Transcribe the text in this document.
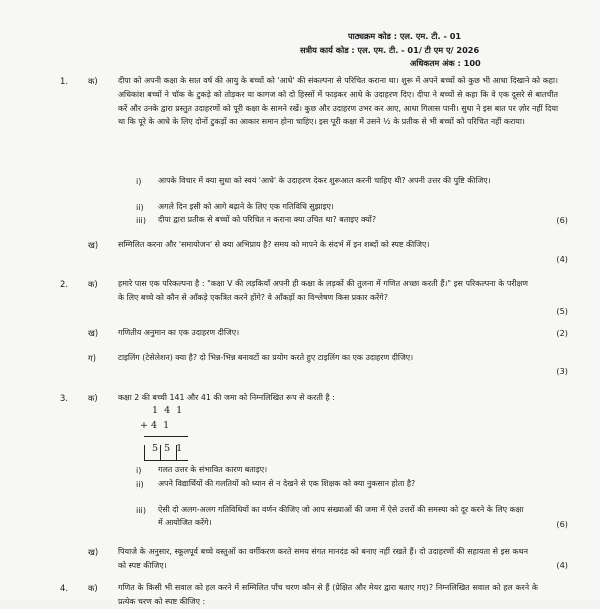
पाठ्यक्रम कोड : एल. एम. टी. - 01
सत्रीय कार्य कोड : एल. एम. टी. - 01/ टी एम ए/ 2026
अधिकतम अंक : 100
1. क)	दीपा को अपनी कक्षा के सात वर्ष की आयु के बच्चों को 'आधे' की संकल्पना से परिचित कराना था। शुरू में अपने बच्चों को कुछ भी आधा दिखाने को कहा। अधिकांश बच्चों ने चॉक के टुकड़े को तोड़कर या कागज को दो हिस्सों में फाड़कर आधे के उदाहरण दिए। दीपा ने बच्चों से कहा कि वे एक दूसरे से बातचीत करें और उनके द्वारा प्रस्तुत उदाहरणों को पूरी कक्षा के सामने रखें। कुछ और उदाहरण उभर कर आए, आधा गिलास पानी। सुधा ने इस बात पर ज़ोर नहीं दिया था कि पूरे के आधे के लिए दोनों टुकड़ों का आकार समान होना चाहिए। इस पूरी कक्षा में उसने ½ के प्रतीक से भी बच्चों को परिचित नहीं कराया।
i) आपके विचार में क्या सुधा को स्वयं 'आधे' के उदाहरण देकर शुरूआत करनी चाहिए थी? अपनी उत्तर की पुष्टि कीजिए।
ii) अगले दिन इसी को आगे बढ़ाने के लिए एक गतिविधि सुझाइए।
iii) दीपा द्वारा प्रतीक से बच्चों को परिचित न कराना क्या उचित था? बताइए क्यों?	(6)
ख)	सम्मिलित करना और 'समायोजन' से क्या अभिप्राय है? समय को मापने के संदर्भ में इन शब्दों को स्पष्ट कीजिए।
(4)
2. क)	हमारे पास एक परिकल्पना है : "कक्षा V की लड़कियाँ अपनी ही कक्षा के लड़कों की तुलना में गणित अच्छा करती हैं।" इस परिकल्पना के परीक्षण के लिए बच्चे को कौन से आँकड़े एकत्रित करने होंगे? वे आँकड़ों का विश्लेषण किस प्रकार करेंगे?
(5)
ख)	गणितीय अनुमान का एक उदाहरण दीजिए।	(2)
ग)	टाइलिंग (टेसेलेशन) क्या है? दो भिन्न-भिन्न बनावटों का प्रयोग करते हुए टाइलिंग का एक उदाहरण दीजिए।
(3)
3. क)	कक्षा 2 की बच्ची 141 और 41 की जमा को निम्नलिखित रूप से करती है :
1  4  1
+ 4  1
5  5  1
i) गलत उत्तर के संभावित कारण बताइए।
ii) अपने विद्यार्थियों की गलतियों को ध्यान से न देखने से एक शिक्षक को क्या नुकसान होता है?
iii) ऐसी दो अलग-अलग गतिविधियों का वर्णन कीजिए जो आप संख्याओं की जमा में ऐसे उत्तरों की समस्या को दूर करने के लिए कक्षा में आयोजित करेंगे।	(6)
ख)	पियाजे के अनुसार, स्कूलपूर्व बच्चे वस्तुओं का वर्गीकरण करते समय संगत मानदंड को बनाए नहीं रखते हैं। दो उदाहरणों की सहायता से इस कथन को स्पष्ट कीजिए।	(4)
4. क)	गणित के किसी भी सवाल को हल करने में सम्मिलित पाँच चरण कौन से हैं (प्रेक्षित और मेयर द्वारा बताए गए)? निम्नलिखित सवाल को हल करने के प्रत्येक चरण को स्पष्ट कीजिए :
